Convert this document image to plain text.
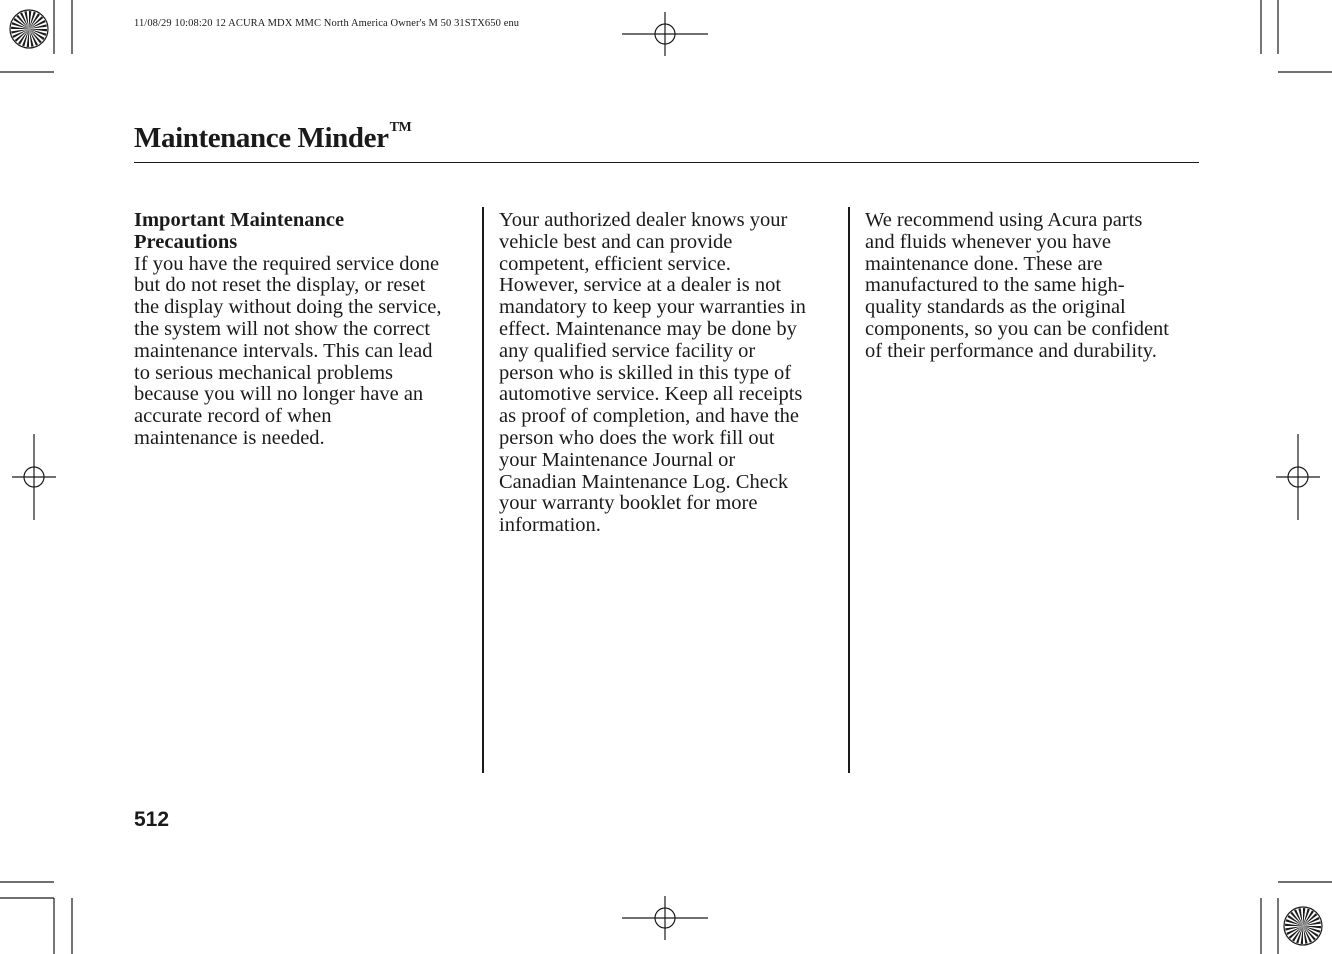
11/08/29 10:08:20 12 ACURA MDX MMC North America Owner's M 50 31STX650 enu
Maintenance Minder™

Important Maintenance
Precautions

If you have the required service done
but do not reset the display, or reset
the display without doing the service,
the system will not show the correct
maintenance intervals. This can lead
to serious mechanical problems
because you will no longer have an
accurate record of when
maintenance is needed.

Your authorized dealer knows your
vehicle best and can provide
competent, efficient service.
However, service at a dealer is not
mandatory to keep your warranties in
effect. Maintenance may be done by
any qualified service facility or
person who is skilled in this type of
automotive service. Keep all receipts
as proof of completion, and have the
person who does the work fill out
your Maintenance Journal or
Canadian Maintenance Log. Check
your warranty booklet for more
information.

We recommend using Acura parts
and fluids whenever you have
maintenance done. These are
manufactured to the same high-
quality standards as the original
components, so you can be confident
of their performance and durability.

512
